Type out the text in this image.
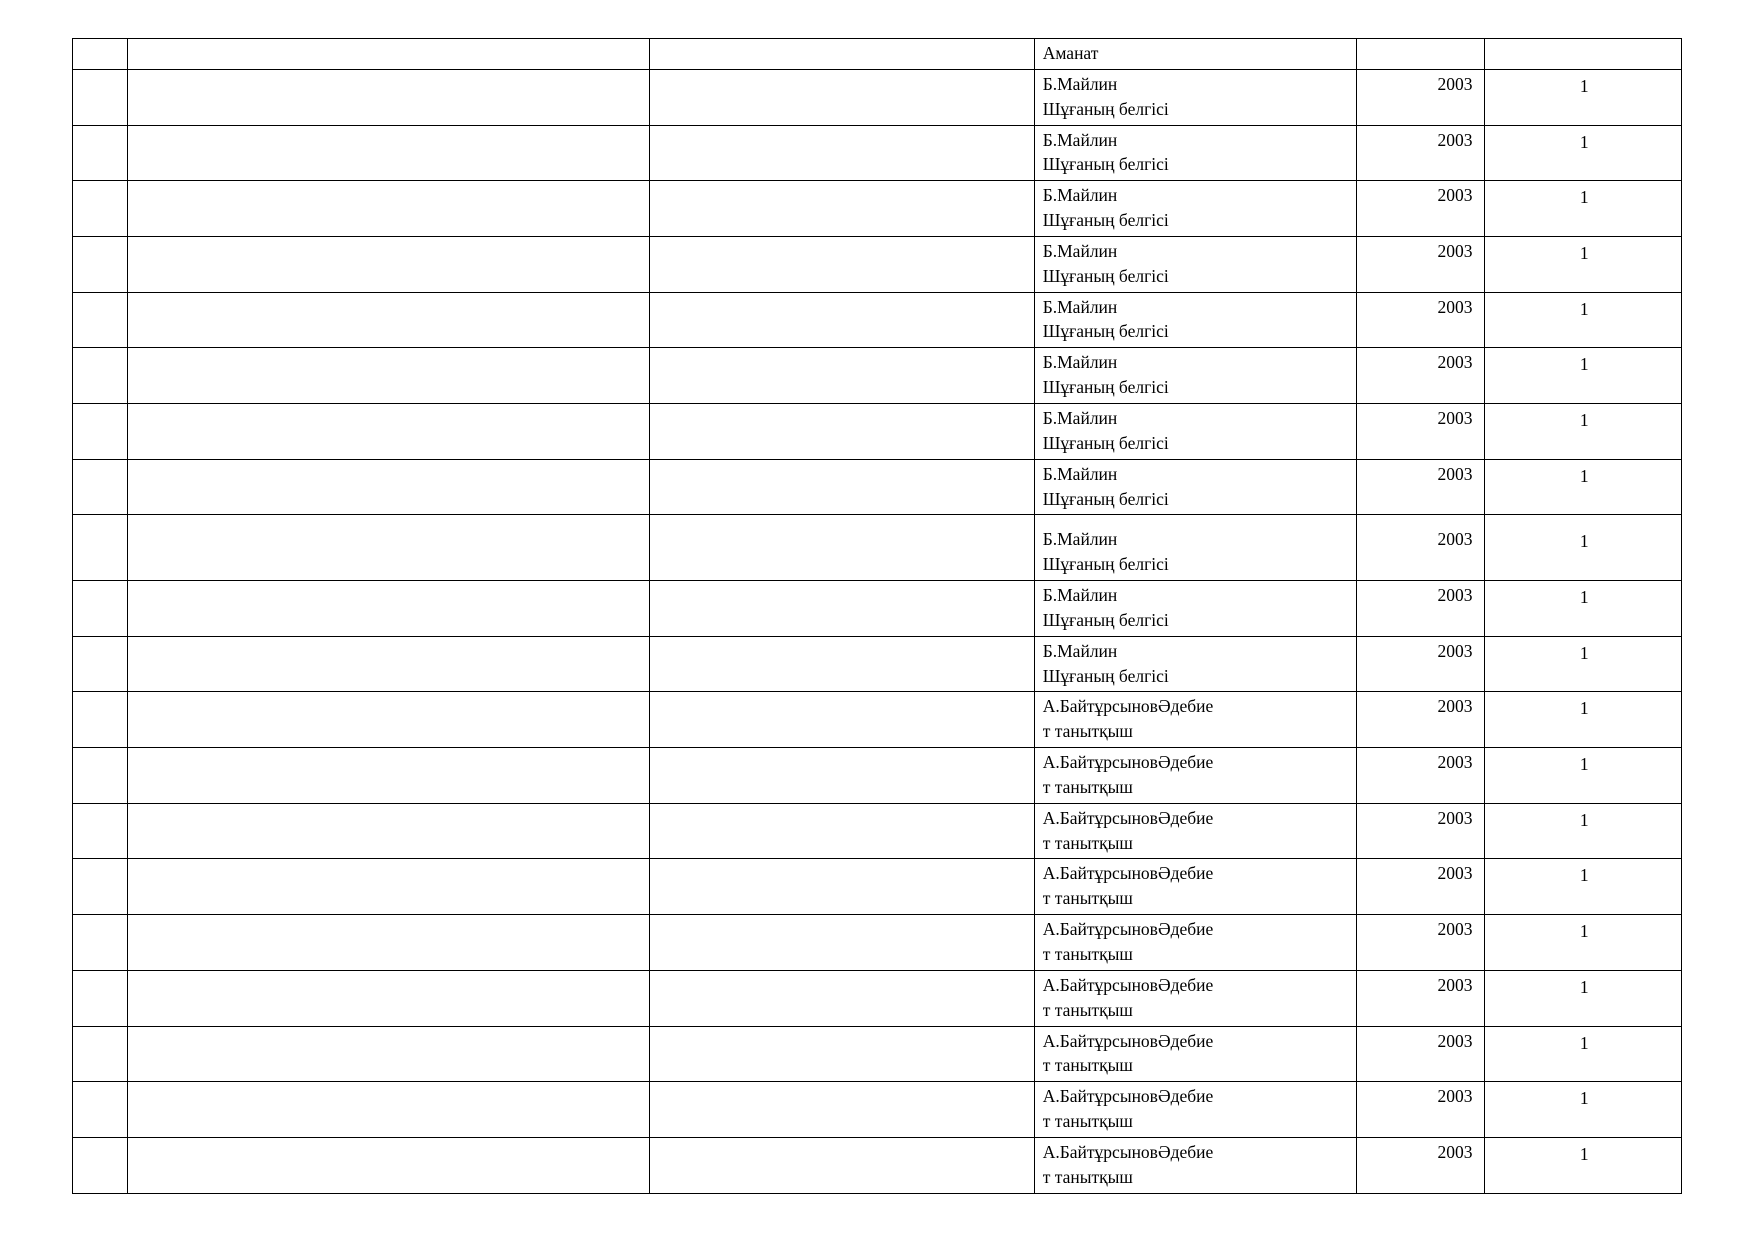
			Аманат		

			Б.Майлин
Шұғаның белгісі	2003	1

			Б.Майлин
Шұғаның белгісі	2003	1

			Б.Майлин
Шұғаның белгісі	2003	1

			Б.Майлин
Шұғаның белгісі	2003	1

			Б.Майлин
Шұғаның белгісі	2003	1

			Б.Майлин
Шұғаның белгісі	2003	1

			Б.Майлин
Шұғаның белгісі	2003	1

			Б.Майлин
Шұғаның белгісі	2003	1

			Б.Майлин
Шұғаның белгісі	2003	1

			Б.Майлин
Шұғаның белгісі	2003	1

			Б.Майлин
Шұғаның белгісі	2003	1

			А.БайтұрсыновӘдебие
т танытқыш	2003	1

			А.БайтұрсыновӘдебие
т танытқыш	2003	1

			А.БайтұрсыновӘдебие
т танытқыш	2003	1

			А.БайтұрсыновӘдебие
т танытқыш	2003	1

			А.БайтұрсыновӘдебие
т танытқыш	2003	1

			А.БайтұрсыновӘдебие
т танытқыш	2003	1

			А.БайтұрсыновӘдебие
т танытқыш	2003	1

			А.БайтұрсыновӘдебие
т танытқыш	2003	1

			А.БайтұрсыновӘдебие
т танытқыш	2003	1
